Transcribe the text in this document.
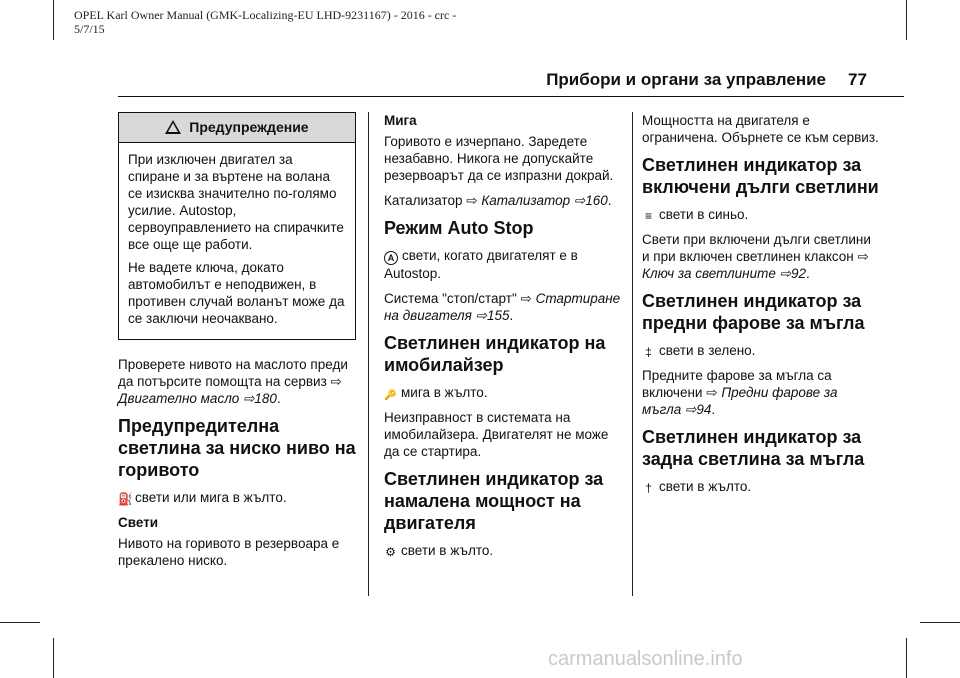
OPEL Karl Owner Manual (GMK-Localizing-EU LHD-9231167) - 2016 - crc -
5/7/15
Прибори и органи за управление 77
Предупреждение

При изключен двигател за спиране и за въртене на волана се изисква значително по-голямо усилие. Autostop, сервоуправлението на спирачките все още ще работи.

Не вадете ключа, докато автомобилът е неподвижен, в противен случай воланът може да се заключи неочаквано.

Проверете нивото на маслото преди да потърсите помощта на сервиз ⇨ Двигателно масло ⇨180.

Предупредителна светлина за ниско ниво на горивото

⛽свети или мига в жълто.

Свети

Нивото на горивото в резервоара е прекалено ниско.

Мига

Горивото е изчерпано. Заредете незабавно. Никога не допускайте резервоарът да се изпразни докрай.

Катализатор ⇨ Катализатор ⇨160.

Режим Auto Stop

A свети, когато двигателят е в Autostop.

Система "стоп/старт" ⇨ Стартиране на двигателя ⇨155.

Светлинен индикатор на имобилайзер

🔑мига в жълто.

Неизправност в системата на имобилайзера. Двигателят не може да се стартира.

Светлинен индикатор за намалена мощност на двигателя

⚙свети в жълто.

Мощността на двигателя е ограничена. Обърнете се към сервиз.

Светлинен индикатор за включени дълги светлини

≡свети в синьо.

Свети при включени дълги светлини и при включен светлинен клаксон ⇨ Ключ за светлините ⇨92.

Светлинен индикатор за предни фарове за мъгла

‡свети в зелено.

Предните фарове за мъгла са включени ⇨ Предни фарове за мъгла ⇨94.

Светлинен индикатор за задна светлина за мъгла

†свети в жълто.

carmanualsonline.info
